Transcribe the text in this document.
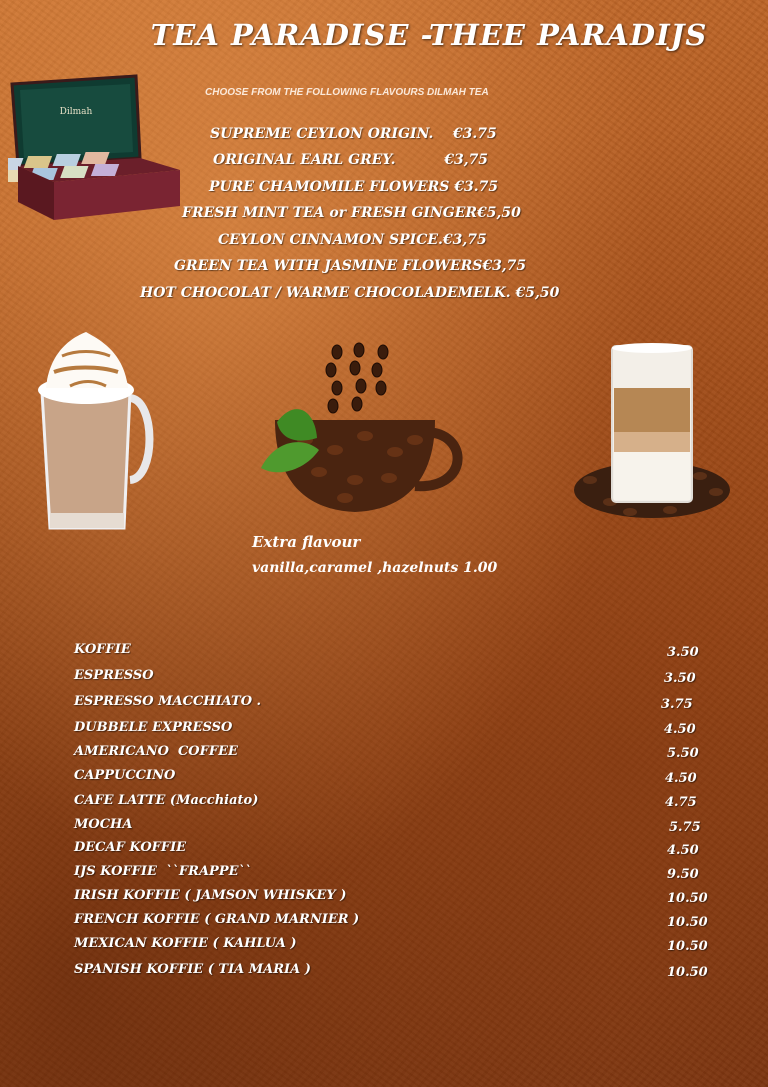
TEA PARADISE -THEE PARADIJS
CHOOSE FROM THE FOLLOWING FLAVOURS DILMAH TEA
Dilmah
SUPREME CEYLON ORIGIN.    €3.75
ORIGINAL EARL GREY.          €3,75
PURE CHAMOMILE FLOWERS €3.75
FRESH MINT TEA or FRESH GINGER€5,50
CEYLON CINNAMON SPICE.€3,75
GREEN TEA WITH JASMINE FLOWERS€3,75
HOT CHOCOLAT / WARME CHOCOLADEMELK. €5,50
Extra flavour
vanilla,caramel ,hazelnuts 1.00
KOFFIE	3.50
ESPRESSO	3.50
ESPRESSO MACCHIATO .	3.75
DUBBELE EXPRESSO	4.50
AMERICANO  COFFEE	5.50
CAPPUCCINO	4.50
CAFE LATTE (Macchiato)	4.75
MOCHA	5.75
DECAF KOFFIE	4.50
IJS KOFFIE  ``FRAPPE``	9.50
IRISH KOFFIE ( JAMSON WHISKEY )	10.50
FRENCH KOFFIE ( GRAND MARNIER )	10.50
MEXICAN KOFFIE ( KAHLUA )	10.50
SPANISH KOFFIE ( TIA MARIA )	10.50
